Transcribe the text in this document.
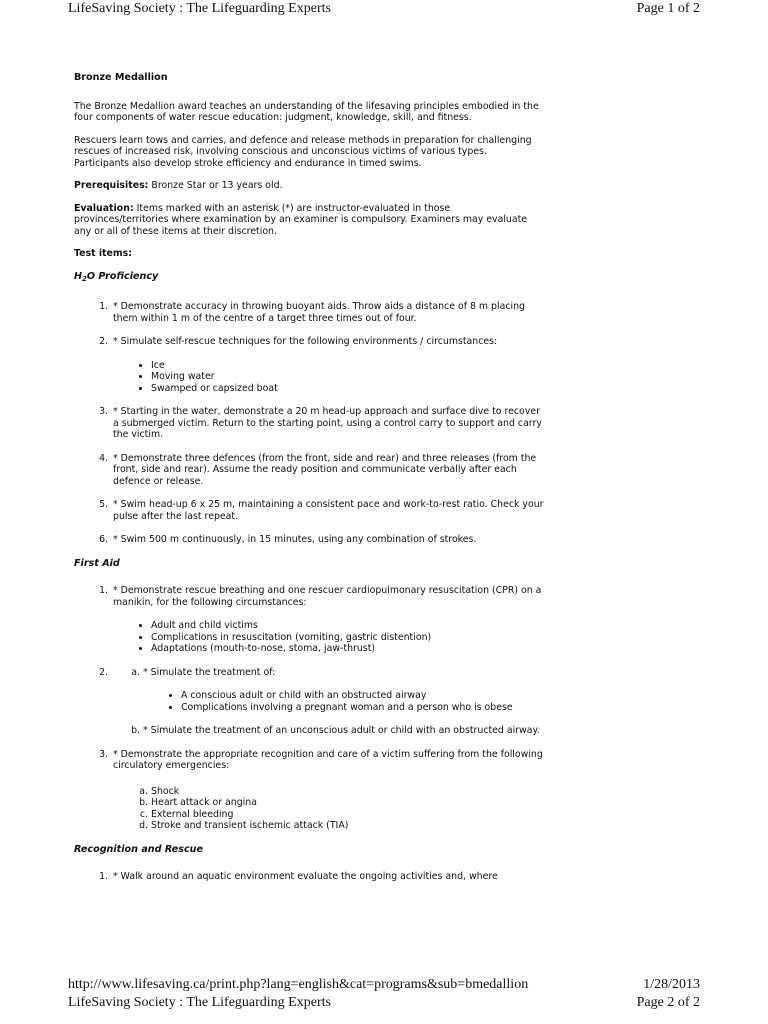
LifeSaving Society : The Lifeguarding Experts	Page 1 of 2
Bronze Medallion

The Bronze Medallion award teaches an understanding of the lifesaving principles embodied in the four components of water rescue education: judgment, knowledge, skill, and fitness.

Rescuers learn tows and carries, and defence and release methods in preparation for challenging rescues of increased risk, involving conscious and unconscious victims of various types. Participants also develop stroke efficiency and endurance in timed swims.

Prerequisites: Bronze Star or 13 years old.

Evaluation: Items marked with an asterisk (*) are instructor-evaluated in those provinces/territories where examination by an examiner is compulsory. Examiners may evaluate any or all of these items at their discretion.

Test items:
$H_2O$ Proficiency
1. * Demonstrate accuracy in throwing buoyant aids. Throw aids a distance of 8 m placing them within 1 m of the centre of a target three times out of four.
2. * Simulate self-rescue techniques for the following environments / circumstances:
• Ice
• Moving water
• Swamped or capsized boat
3. * Starting in the water, demonstrate a 20 m head-up approach and surface dive to recover a submerged victim. Return to the starting point, using a control carry to support and carry the victim.
4. * Demonstrate three defences (from the front, side and rear) and three releases (from the front, side and rear). Assume the ready position and communicate verbally after each defence or release.
5. * Swim head-up 6 x 25 m, maintaining a consistent pace and work-to-rest ratio. Check your pulse after the last repeat.
6. * Swim 500 m continuously, in 15 minutes, using any combination of strokes.
First Aid
1. * Demonstrate rescue breathing and one rescuer cardiopulmonary resuscitation (CPR) on a manikin, for the following circumstances:
• Adult and child victims
• Complications in resuscitation (vomiting, gastric distention)
• Adaptations (mouth-to-nose, stoma, jaw-thrust)
a. 2. * Simulate the treatment of:
• A conscious adult or child with an obstructed airway
• Complications involving a pregnant woman and a person who is obese
b. * Simulate the treatment of an unconscious adult or child with an obstructed airway.
3. * Demonstrate the appropriate recognition and care of a victim suffering from the following circulatory emergencies:
a. Shock
b. Heart attack or angina
c. External bleeding
d. Stroke and transient ischemic attack (TIA)
Recognition and Rescue
1. * Walk around an aquatic environment evaluate the ongoing activities and, where
http://www.lifesaving.ca/print.php?lang=english&cat=programs&sub=bmedallion	1/28/2013
LifeSaving Society : The Lifeguarding Experts	Page 2 of 2
